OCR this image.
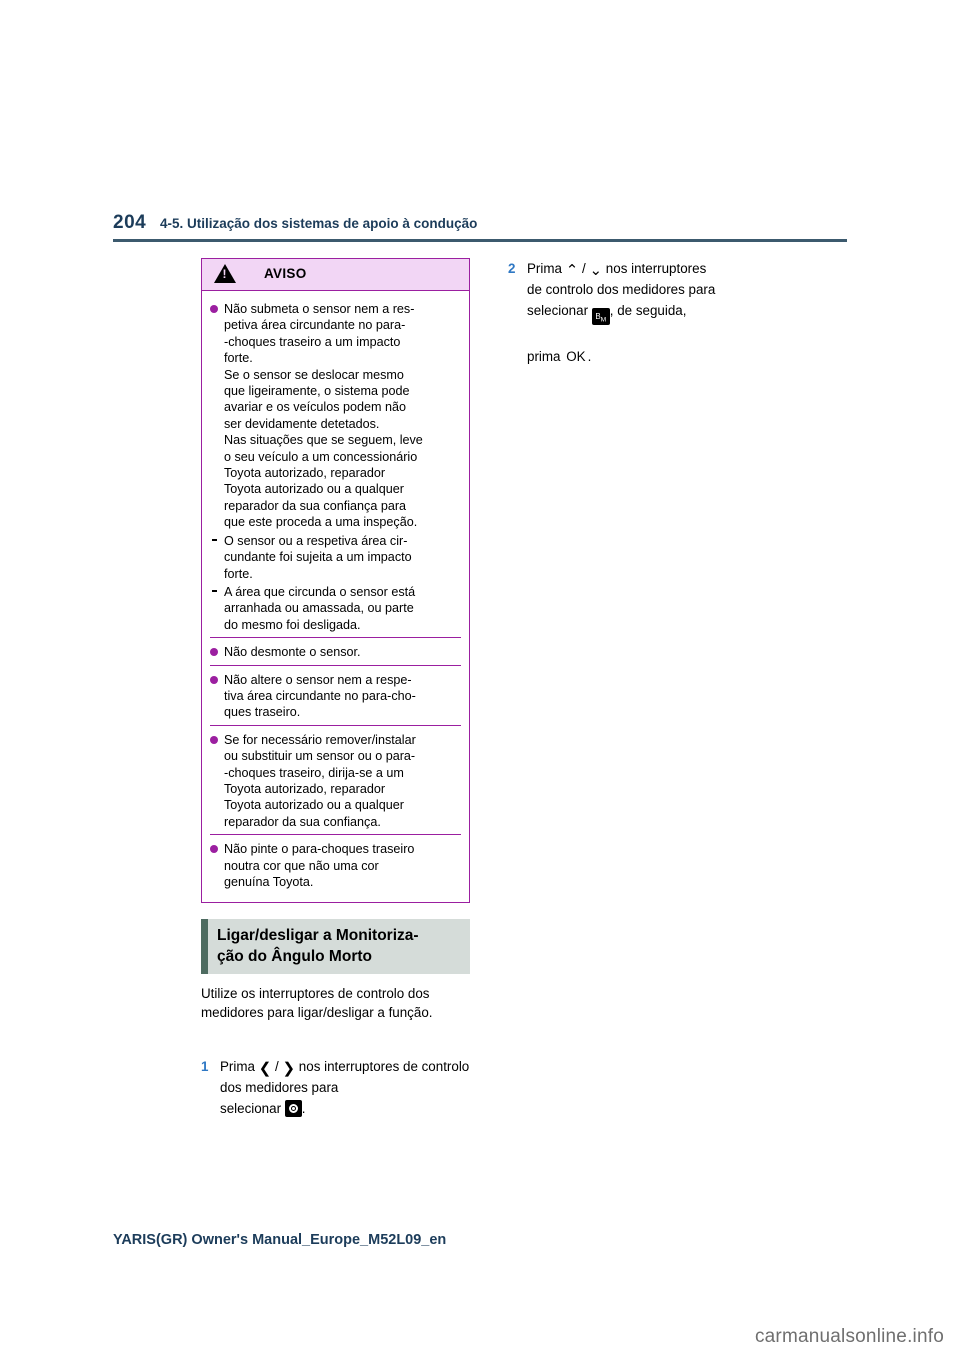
204 4-5. Utilização dos sistemas de apoio à condução
!
AVISO
Não submeta o sensor nem a res-
petiva área circundante no para-
-choques traseiro a um impacto
forte.
Se o sensor se deslocar mesmo
que ligeiramente, o sistema pode
avariar e os veículos podem não
ser devidamente detetados.
Nas situações que se seguem, leve
o seu veículo a um concessionário
Toyota autorizado, reparador
Toyota autorizado ou a qualquer
reparador da sua confiança para
que este proceda a uma inspeção.
O sensor ou a respetiva área cir-
cundante foi sujeita a um impacto
forte.
A área que circunda o sensor está
arranhada ou amassada, ou parte
do mesmo foi desligada.
Não desmonte o sensor.
Não altere o sensor nem a respe-
tiva área circundante no para-cho-
ques traseiro.
Se for necessário remover/instalar
ou substituir um sensor ou o para-
-choques traseiro, dirija-se a um
Toyota autorizado, reparador
Toyota autorizado ou a qualquer
reparador da sua confiança.
Não pinte o para-choques traseiro
noutra cor que não uma cor
genuína Toyota.
Ligar/desligar a Monitoriza-
ção do Ângulo Morto
Utilize os interruptores de controlo dos medidores para ligar/desligar a função.
1 Prima ❮ / ❯ nos interruptores de controlo dos medidores para
selecionar .
2 Prima ⌃ / ⌄ nos interruptores
de controlo dos medidores para
selecionar $B_M$, de seguida,

prima OK .
YARIS(GR) Owner's Manual_Europe_M52L09_en
carmanualsonline.info
